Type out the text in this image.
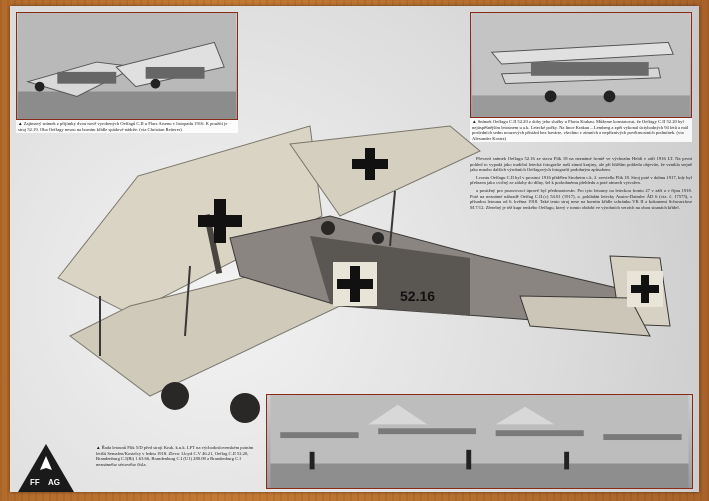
52.16
▲ Zajímavý snímek z přijímky dvou nově vyrobených Oeffagů C.II u Flars Arsenu v listopadu 1916. K použití je stroj 52.19. Oba Oeffagy nesou na horním křídle spádové nádrže. (via Christian Reiterer)
▲ Snímek Oeffagu C.II 52.20 z doby jeho služby u Flartu Krakau. Můžeme konstatovat, že Oeffagy C.II 52.20 byl nejúspěšnějším letounem u a.k. Letecké pořky. Na lince Krakau – Lemberg a zpět vykonal úctyhodných 94 letů a mál posledních sedm nouzových přistání bez havárie, všechno v zimních a nepříznivých povětrnostních podmínek. (via Alexander Kostrz)

Převzetí snímek Oeffagu 52.16 ze stavu Flik 18 na neznámé frontě ve výchozím Heldi v září 1916 LT. Na první pohled to vypadá jako tradiční letecká fotografie naší zimní krajiny, ale při bližším pohledu objevíte, že vznikla stejně jako mnoho dalších výrobních Oeffagových fotografií podobným způsobem.

Lvontu Oeffagu C.II byl v prosinci 1916 přidělen Stroheim c.k. 2. serviellu Flik 18. Stroj poté v dubnu 1917, kdy byl přeřazen jako cvičný ze zálohy do dílny, šel k podrobnému přehledu a poté rámech vytvořen.

a postižný pro pozorovací úpravě byl předmontován. Pro tyto letouny na leteckou frontu 27 v září a v říjnu 1918. Poté na neznámé náhradě Oeffag C.II.(c) 54.01 (1917), a. pokládán letecky Austro-Daimler ÁD 6 (viz. č. 17575), s přísadou letounu od 6. května 1918. Také tento stroj nese na horním křídle schránku VK II a kokonemi Schwarzlose M.7/12. Zřetelný je též kupr tenkého Oeffagu, který v tomto období ve výrobních verzích na obou stranách křídel.

▲ Řada letounů Flik 5/D před stroji Kruk. k.u.k. LFT na východoslovenském potním letišti Semafen/Kostelcy v lednu 1918. Zleva: Lloyd C.V 46.21, Oeffag C.II 52.20, Brandenburg C.I(Bi) 1.63.66, Brandenburg C.I (U1) 280.08 a Brandenburg C.I neznámého sériového čísla.
FF AG
